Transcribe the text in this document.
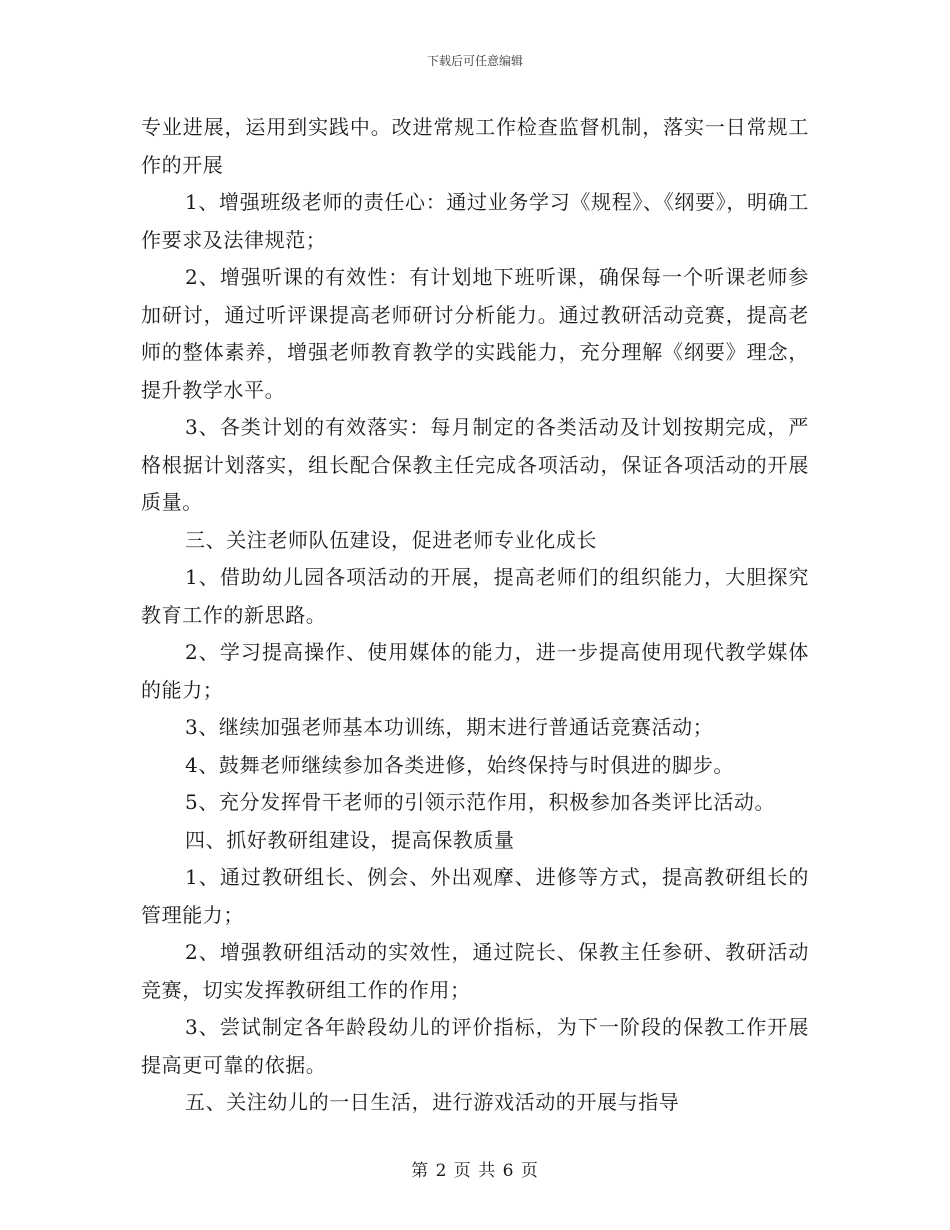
下载后可任意编辑

专业进展，运用到实践中。改进常规工作检查监督机制，落实一日常规工作的开展

1、增强班级老师的责任心：通过业务学习《规程》、《纲要》，明确工作要求及法律规范；

2、增强听课的有效性：有计划地下班听课，确保每一个听课老师参加研讨，通过听评课提高老师研讨分析能力。通过教研活动竞赛，提高老师的整体素养，增强老师教育教学的实践能力，充分理解《纲要》理念，提升教学水平。

3、各类计划的有效落实：每月制定的各类活动及计划按期完成，严格根据计划落实，组长配合保教主任完成各项活动，保证各项活动的开展质量。

三、关注老师队伍建设，促进老师专业化成长

1、借助幼儿园各项活动的开展，提高老师们的组织能力，大胆探究教育工作的新思路。

2、学习提高操作、使用媒体的能力，进一步提高使用现代教学媒体的能力；

3、继续加强老师基本功训练，期末进行普通话竞赛活动；

4、鼓舞老师继续参加各类进修，始终保持与时俱进的脚步。

5、充分发挥骨干老师的引领示范作用，积极参加各类评比活动。

四、抓好教研组建设，提高保教质量

1、通过教研组长、例会、外出观摩、进修等方式，提高教研组长的管理能力；

2、增强教研组活动的实效性，通过院长、保教主任参研、教研活动竞赛，切实发挥教研组工作的作用；

3、尝试制定各年龄段幼儿的评价指标，为下一阶段的保教工作开展提高更可靠的依据。

五、关注幼儿的一日生活，进行游戏活动的开展与指导

第 2 页 共 6 页
